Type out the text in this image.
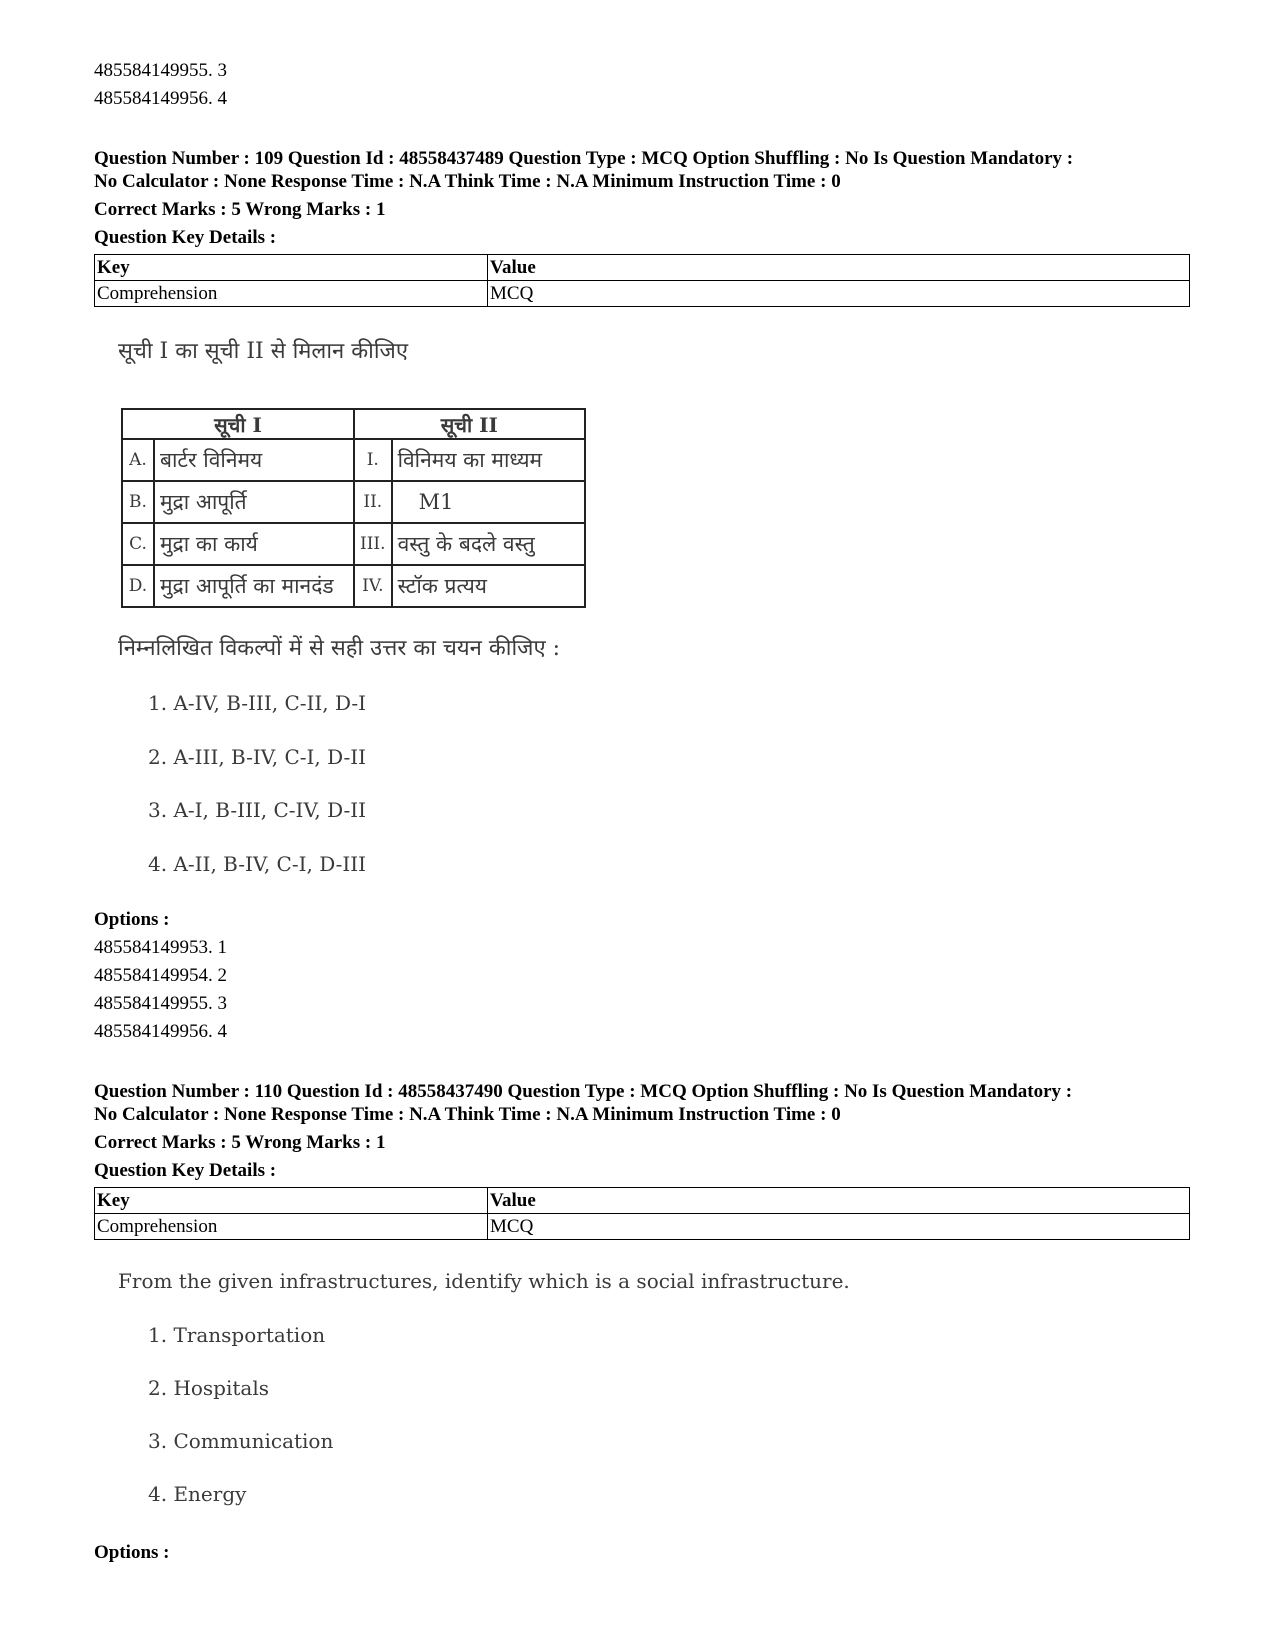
485584149955. 3
485584149956. 4
Question Number : 109 Question Id : 48558437489 Question Type : MCQ Option Shuffling : No Is Question Mandatory :
No Calculator : None Response Time : N.A Think Time : N.A Minimum Instruction Time : 0
Correct Marks : 5 Wrong Marks : 1
Question Key Details :
Key	Value
Comprehension	MCQ
सूची I का सूची II से मिलान कीजिए
सूची I		सूची II	
A.	बार्टर विनिमय	I.	विनिमय का माध्यम
B.	मुद्रा आपूर्ति	II.	M1
C.	मुद्रा का कार्य	III.	वस्तु के बदले वस्तु
D.	मुद्रा आपूर्ति का मानदंड	IV.	स्टॉक प्रत्यय
निम्नलिखित विकल्पों में से सही उत्तर का चयन कीजिए :
1. A-IV, B-III, C-II, D-I
2. A-III, B-IV, C-I, D-II
3. A-I, B-III, C-IV, D-II
4. A-II, B-IV, C-I, D-III
Options :
485584149953. 1
485584149954. 2
485584149955. 3
485584149956. 4
Question Number : 110 Question Id : 48558437490 Question Type : MCQ Option Shuffling : No Is Question Mandatory :
No Calculator : None Response Time : N.A Think Time : N.A Minimum Instruction Time : 0
Correct Marks : 5 Wrong Marks : 1
Question Key Details :
Key	Value
Comprehension	MCQ
From the given infrastructures, identify which is a social infrastructure.
1. Transportation
2. Hospitals
3. Communication
4. Energy
Options :
